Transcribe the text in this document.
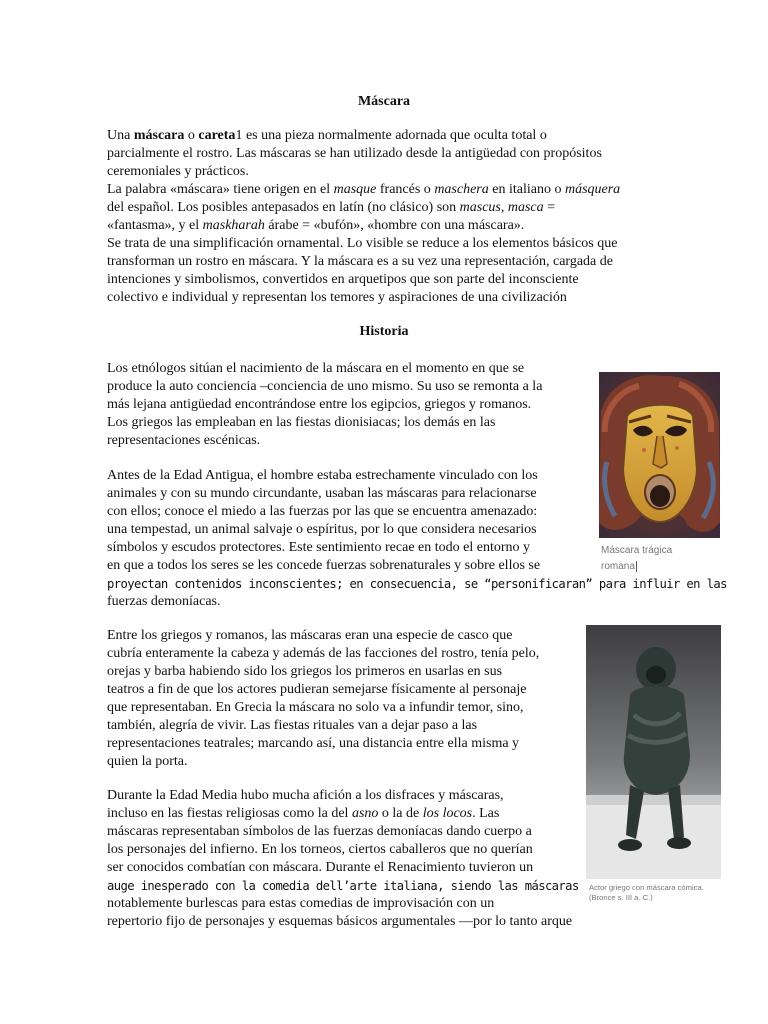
Máscara
Una máscara o careta1 es una pieza normalmente adornada que oculta total o
parcialmente el rostro. Las máscaras se han utilizado desde la antigüedad con propósitos
ceremoniales y prácticos.
La palabra «máscara» tiene origen en el masque francés o maschera en italiano o másquera
del español. Los posibles antepasados en latín (no clásico) son mascus, masca =
«fantasma», y el maskharah árabe = «bufón», «hombre con una máscara».
Se trata de una simplificación ornamental. Lo visible se reduce a los elementos básicos que
transforman un rostro en máscara. Y la máscara es a su vez una representación, cargada de
intenciones y simbolismos, convertidos en arquetipos que son parte del inconsciente
colectivo e individual y representan los temores y aspiraciones de una civilización
Historia
Los etnólogos sitúan el nacimiento de la máscara en el momento en que se
produce la auto conciencia –conciencia de uno mismo. Su uso se remonta a la
más lejana antigüedad encontrándose entre los egipcios, griegos y romanos.
Los griegos las empleaban en las fiestas dionisiacas; los demás en las
representaciones escénicas.
Antes de la Edad Antigua, el hombre estaba estrechamente vinculado con los
animales y con su mundo circundante, usaban las máscaras para relacionarse
con ellos; conoce el miedo a las fuerzas por las que se encuentra amenazado:
una tempestad, un animal salvaje o espíritus, por lo que considera necesarios
símbolos y escudos protectores. Este sentimiento recae en todo el entorno y
en que a todos los seres se les concede fuerzas sobrenaturales y sobre ellos se
proyectan contenidos inconscientes; en consecuencia, se “personificaran” para influir en las
fuerzas demoníacas.
Entre los griegos y romanos, las máscaras eran una especie de casco que
cubría enteramente la cabeza y además de las facciones del rostro, tenía pelo,
orejas y barba habiendo sido los griegos los primeros en usarlas en sus
teatros a fin de que los actores pudieran semejarse físicamente al personaje
que representaban. En Grecia la máscara no solo va a infundir temor, sino,
también, alegría de vivir. Las fiestas rituales van a dejar paso a las
representaciones teatrales; marcando así, una distancia entre ella misma y
quien la porta.
Durante la Edad Media hubo mucha afición a los disfraces y máscaras,
incluso en las fiestas religiosas como la del asno o la de los locos. Las
máscaras representaban símbolos de las fuerzas demoníacas dando cuerpo a
los personajes del infierno. En los torneos, ciertos caballeros que no querían
ser conocidos combatían con máscara. Durante el Renacimiento tuvieron un
auge inesperado con la comedia dell’arte italiana, siendo las máscaras
notablemente burlescas para estas comedias de improvisación con un
repertorio fijo de personajes y esquemas básicos argumentales —por lo tanto arque
Máscara trágica
romana
Actor griego con máscara cómica.
(Bronce s. III a. C.)
